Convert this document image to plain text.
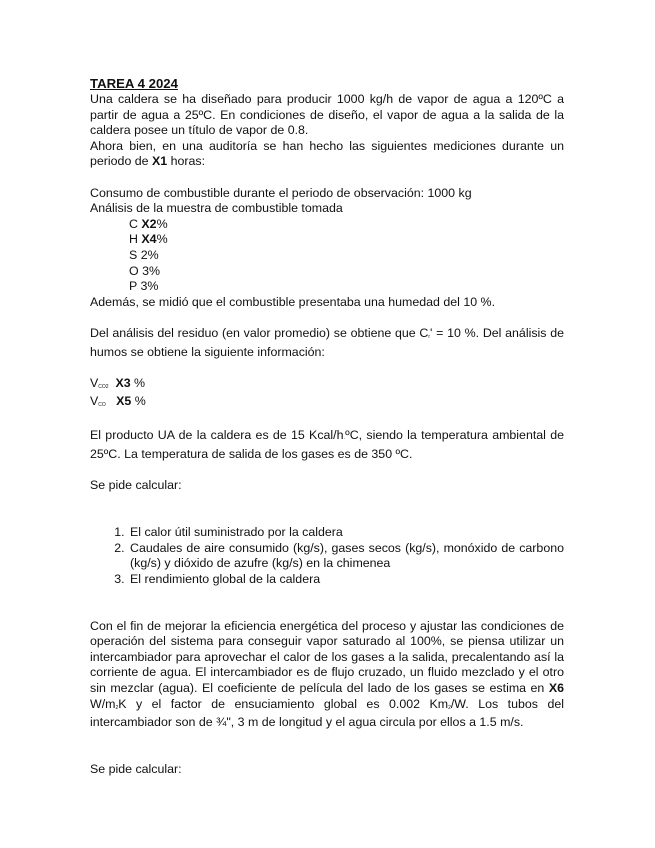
TAREA 4 2024

Una caldera se ha diseñado para producir 1000 kg/h de vapor de agua a 120ºC a partir de agua a 25ºC. En condiciones de diseño, el vapor de agua a la salida de la caldera posee un título de vapor de 0.8.

Ahora bien, en una auditoría se han hecho las siguientes mediciones durante un periodo de X1 horas:

Consumo de combustible durante el periodo de observación: 1000 kg

Análisis de la muestra de combustible tomada

C X2%

H X4%

S 2%

O 3%

P 3%

Además, se midió que el combustible presentaba una humedad del 10 %.

Del análisis del residuo (en valor promedio) se obtiene que $C_r' = 10$ %. Del análisis de humos se obtiene la siguiente información:

$V_{CO2}$ X3 %

$V_{CO}$ X5 %

El producto UA de la caldera es de 15 Kcal/$h_\cdot ºC$, siendo la temperatura ambiental de 25ºC. La temperatura de salida de los gases es de 350 ºC.

Se pide calcular:

1. El calor útil suministrado por la caldera
2. Caudales de aire consumido (kg/s), gases secos (kg/s), monóxido de carbono (kg/s) y dióxido de azufre (kg/s) en la chimenea
3. El rendimiento global de la caldera

Con el fin de mejorar la eficiencia energética del proceso y ajustar las condiciones de operación del sistema para conseguir vapor saturado al 100%, se piensa utilizar un intercambiador para aprovechar el calor de los gases a la salida, precalentando así la corriente de agua. El intercambiador es de flujo cruzado, un fluido mezclado y el otro sin mezclar (agua). El coeficiente de película del lado de los gases se estima en X6 $W/m_2K$ y el factor de ensuciamiento global es 0.002 $Km_2/W$. Los tubos del intercambiador son de ¾", 3 m de longitud y el agua circula por ellos a 1.5 m/s.

Se pide calcular:
